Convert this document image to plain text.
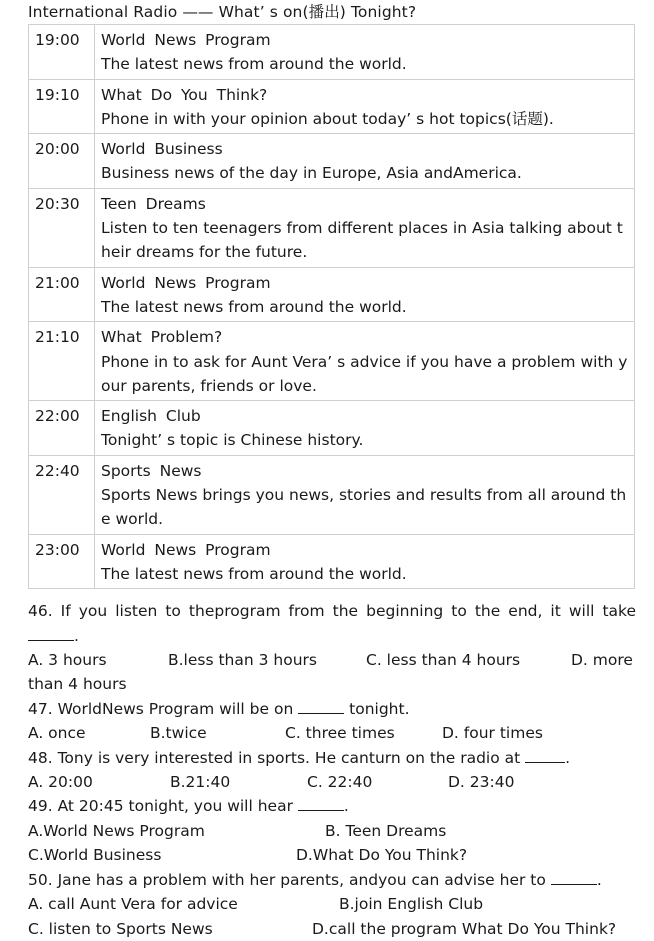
International Radio —— What’ s on(播出) Tonight?
19:00	World News Program
The latest news from around the world.

19:10	What Do You Think?
Phone in with your opinion about today’ s hot topics(话题).

20:00	World Business
Business news of the day in Europe, Asia andAmerica.

20:30	Teen Dreams
Listen to ten teenagers from different places in Asia talking about their dreams for the future.

21:00	World News Program
The latest news from around the world.

21:10	What Problem?
Phone in to ask for Aunt Vera’ s advice if you have a problem with your parents, friends or love.

22:00	English Club
Tonight’ s topic is Chinese history.

22:40	Sports News
Sports News brings you news, stories and results from all around the world.

23:00	World News Program
The latest news from around the world.
46. If you listen to theprogram from the beginning to the end, it will take
.
A. 3 hours	B.less than 3 hours	C. less than 4 hours	D. more
than 4 hours
47. WorldNews Program will be on	tonight.
A. once	B.twice	C. three times	D. four times
48. Tony is very interested in sports. He canturn on the radio at	.
A. 20:00	B.21:40	C. 22:40	D. 23:40
49. At 20:45 tonight, you will hear	.
A.World News Program	B. Teen Dreams
C.World Business	D.What Do You Think?
50. Jane has a problem with her parents, andyou can advise her to	.
A. call Aunt Vera for advice	B.join English Club
C. listen to Sports News	D.call the program What Do You Think?
